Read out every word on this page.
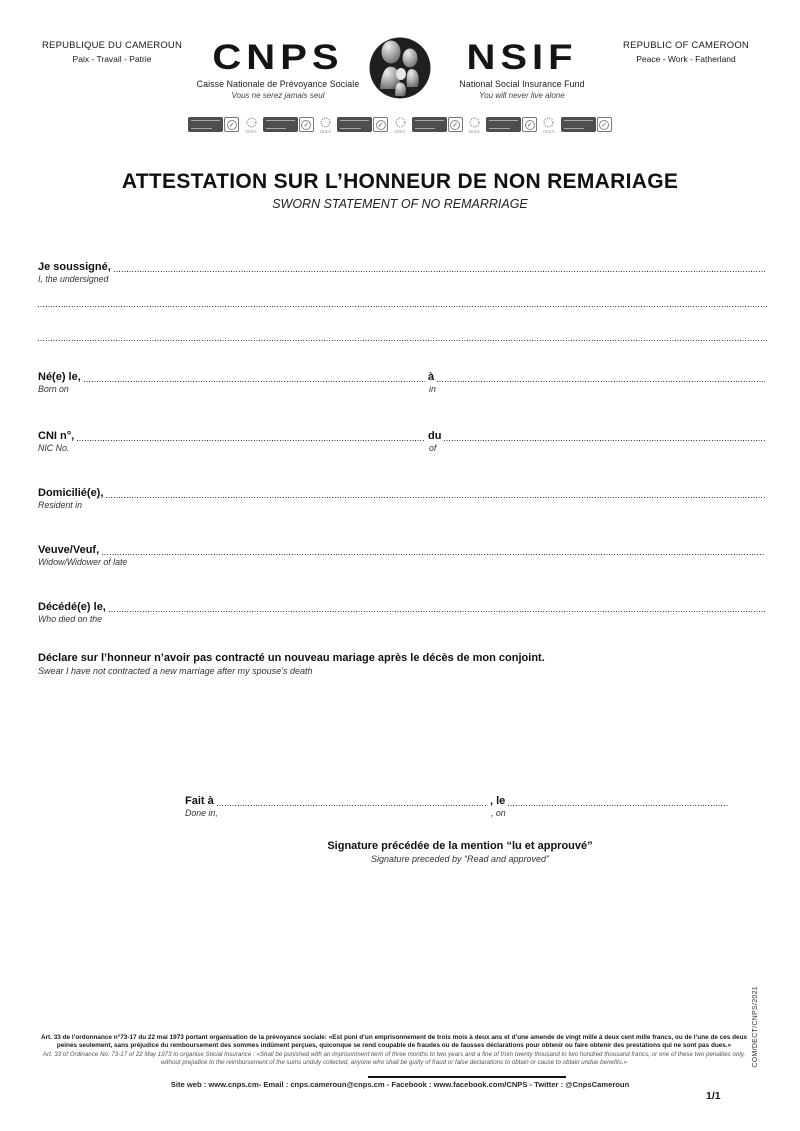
REPUBLIQUE DU CAMEROUN
Paix - Travail - Patrie
REPUBLIC OF CAMEROON
Peace - Work - Fatherland
CNPS
Caisse Nationale de Prévoyance Sociale
Vous ne serez jamais seul
NSIF
National Social Insurance Fund
You will never live alone
✓
ISSA
✓
ISSA
✓
ISSA
✓
ISSA
✓
ISSA
✓
ATTESTATION SUR L’HONNEUR DE NON REMARIAGE
SWORN STATEMENT OF NO REMARRIAGE
Je soussigné,
I, the undersigned
Né(e) le,	à
Born on	in
CNI n°,	du
NIC No.	of
Domicilié(e),
Resident in
Veuve/Veuf,
Widow/Widower of late
Décédé(e) le,
Who died on the
Déclare sur l’honneur n’avoir pas contracté un nouveau mariage après le décès de mon conjoint.
Swear I have not contracted a new marriage after my spouse’s death
Fait à	, le
Done in,	, on
Signature précédée de la mention “lu et approuvé”
Signature preceded by “Read and approved”
Art. 33 de l’ordonnance n°73-17 du 22 mai 1973 portant organisation de la prévoyance sociale: «Est puni d’un emprisonnement de trois mois à deux ans et d’une amende de vingt mille à deux cent mille francs, ou de l’une de ces deux peines seulement, sans préjudice du remboursement des sommes indûment perçues, quiconque se rend coupable de fraudes ou de fausses déclarations pour obtenir ou faire obtenir des prestations qui ne sont pas dues.»
Art. 33 of Ordinance No. 73-17 of 22 May 1973 to organise Social Insurance : «Shall be punished with an imprisonment term of three months to two years and a fine of from twenty thousand to two hundred thousand francs, or one of these two penalties only, without prejudice to the reimbursement of the sums unduly collected, anyone who shall be guilty of fraud or false declarations to obtain or cause to obtain undue benefits.»
Site web : www.cnps.cm- Email : cnps.cameroun@cnps.cm - Facebook : www.facebook.com/CNPS - Twitter : @CnpsCameroun
1/1
COM/DECT/CNPS/2021
